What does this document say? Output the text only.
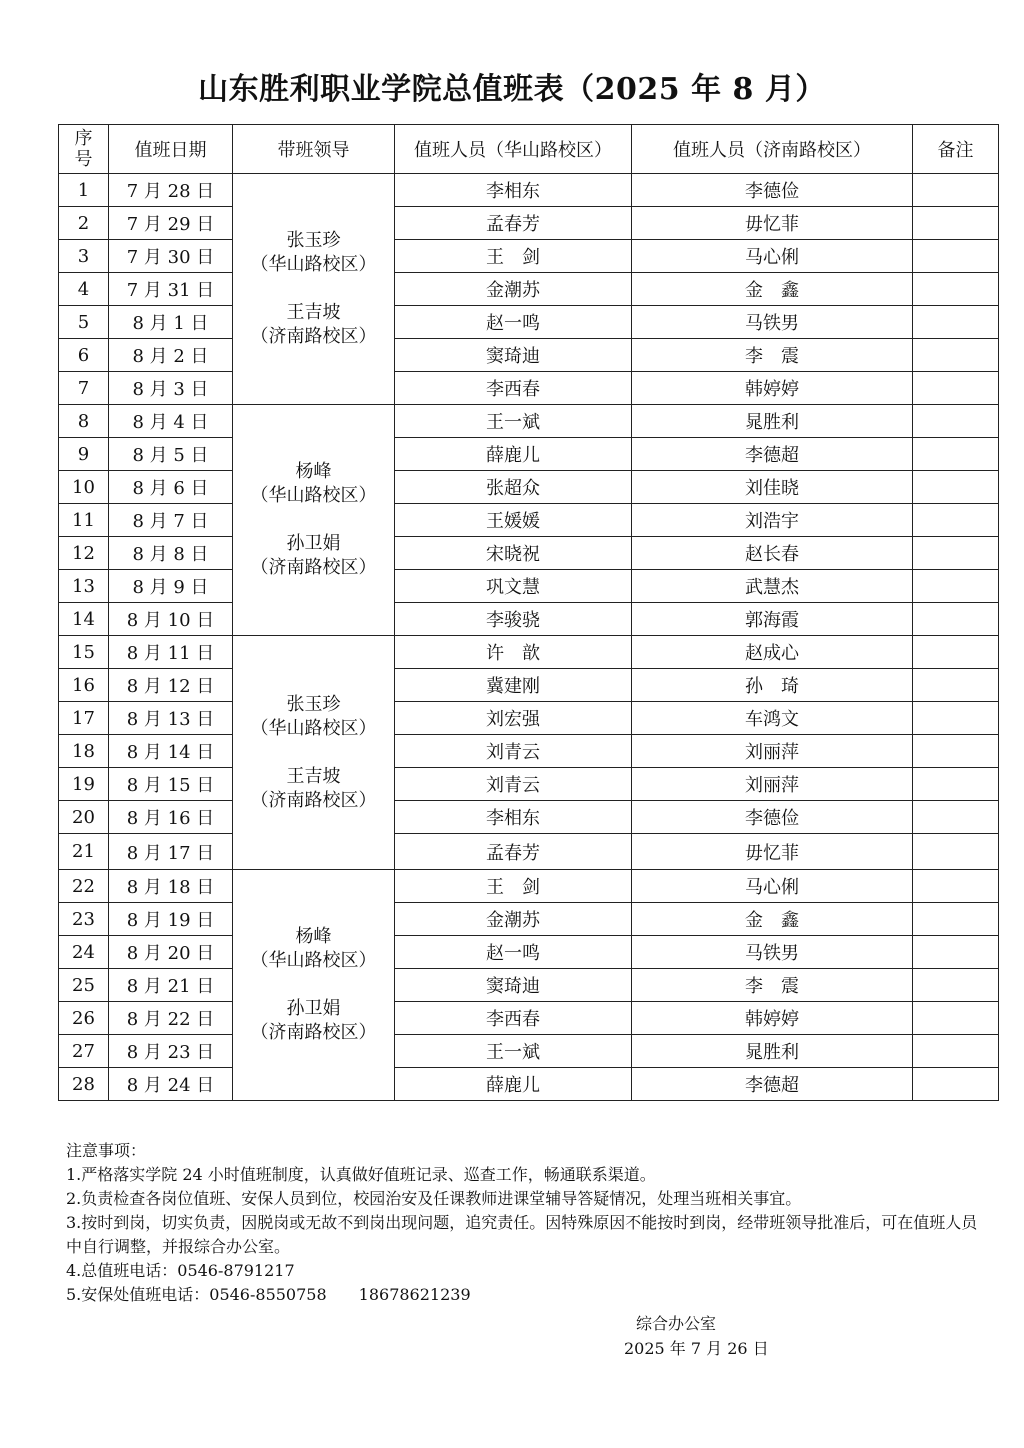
山东胜利职业学院总值班表（2025 年 8 月）
序
号	值班日期	带班领导	值班人员（华山路校区）	值班人员（济南路校区）	备注
1	7 月 28 日	张玉珍
（华山路校区）
王吉坡
（济南路校区）	李相东	李德俭	
2	7 月 29 日		孟春芳	毋忆菲	
3	7 月 30 日		王　剑	马心俐	
4	7 月 31 日		金潮苏	金　鑫	
5	8 月 1 日		赵一鸣	马铁男	
6	8 月 2 日		窦琦迪	李　震	
7	8 月 3 日		李西春	韩婷婷	
8	8 月 4 日	杨峰
（华山路校区）
孙卫娟
（济南路校区）	王一斌	晁胜利	
9	8 月 5 日		薛鹿儿	李德超	
10	8 月 6 日		张超众	刘佳晓	
11	8 月 7 日		王媛媛	刘浩宇	
12	8 月 8 日		宋晓祝	赵长春	
13	8 月 9 日		巩文慧	武慧杰	
14	8 月 10 日		李骏骁	郭海霞	
15	8 月 11 日	张玉珍
（华山路校区）
王吉坡
（济南路校区）	许　歆	赵成心	
16	8 月 12 日		冀建刚	孙　琦	
17	8 月 13 日		刘宏强	车鸿文	
18	8 月 14 日		刘青云	刘丽萍	
19	8 月 15 日		刘青云	刘丽萍	
20	8 月 16 日		李相东	李德俭	
21	8 月 17 日		孟春芳	毋忆菲	
22	8 月 18 日	杨峰
（华山路校区）
孙卫娟
（济南路校区）	王　剑	马心俐	
23	8 月 19 日		金潮苏	金　鑫	
24	8 月 20 日		赵一鸣	马铁男	
25	8 月 21 日		窦琦迪	李　震	
26	8 月 22 日		李西春	韩婷婷	
27	8 月 23 日		王一斌	晁胜利	
28	8 月 24 日		薛鹿儿	李德超	

注意事项：

1.严格落实学院 24 小时值班制度，认真做好值班记录、巡查工作，畅通联系渠道。

2.负责检查各岗位值班、安保人员到位，校园治安及任课教师进课堂辅导答疑情况，处理当班相关事宜。

3.按时到岗，切实负责，因脱岗或无故不到岗出现问题，追究责任。因特殊原因不能按时到岗，经带班领导批准后，可在值班人员中自行调整，并报综合办公室。

4.总值班电话：0546-8791217

5.安保处值班电话：0546-8550758　　18678621239

综合办公室
2025 年 7 月 26 日
